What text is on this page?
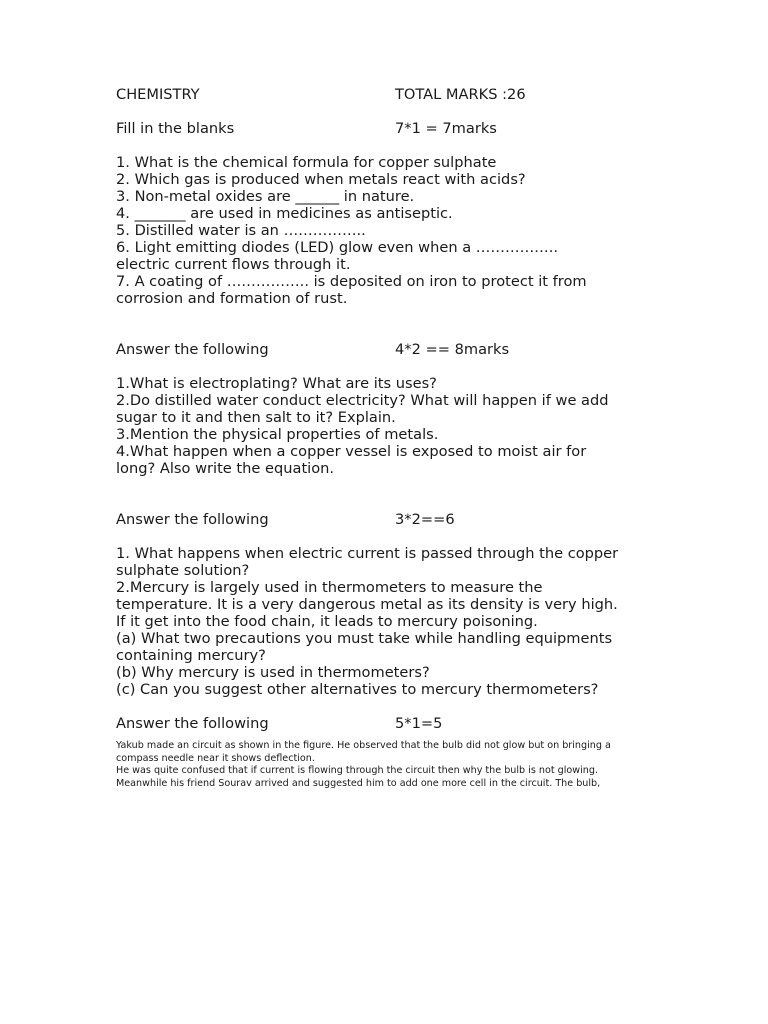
CHEMISTRY	TOTAL MARKS :26
Fill in the blanks	7*1 = 7marks
1. What is the chemical formula for copper sulphate
2. Which gas is produced when metals react with acids?
3. Non-metal oxides are ______ in nature.
4. _______ are used in medicines as antiseptic.
5. Distilled water is an ……………..
6. Light emitting diodes (LED) glow even when a ……………..
electric current flows through it.
7. A coating of …………….. is deposited on iron to protect it from
corrosion and formation of rust.
Answer the following	4*2 == 8marks
1.What is electroplating? What are its uses?
2.Do distilled water conduct electricity? What will happen if we add
sugar to it and then salt to it? Explain.
3.Mention the physical properties of metals.
4.What happen when a copper vessel is exposed to moist air for
long? Also write the equation.
Answer the following	3*2==6
1. What happens when electric current is passed through the copper
sulphate solution?
2.Mercury is largely used in thermometers to measure the
temperature. It is a very dangerous metal as its density is very high.
If it get into the food chain, it leads to mercury poisoning.
(a) What two precautions you must take while handling equipments
containing mercury?
(b) Why mercury is used in thermometers?
(c) Can you suggest other alternatives to mercury thermometers?
Answer the following	5*1=5
Yakub made an circuit as shown in the figure. He observed that the bulb did not glow but on bringing a
compass needle near it shows deflection.
He was quite confused that if current is flowing through the circuit then why the bulb is not glowing.
Meanwhile his friend Sourav arrived and suggested him to add one more cell in the circuit. The bulb,
